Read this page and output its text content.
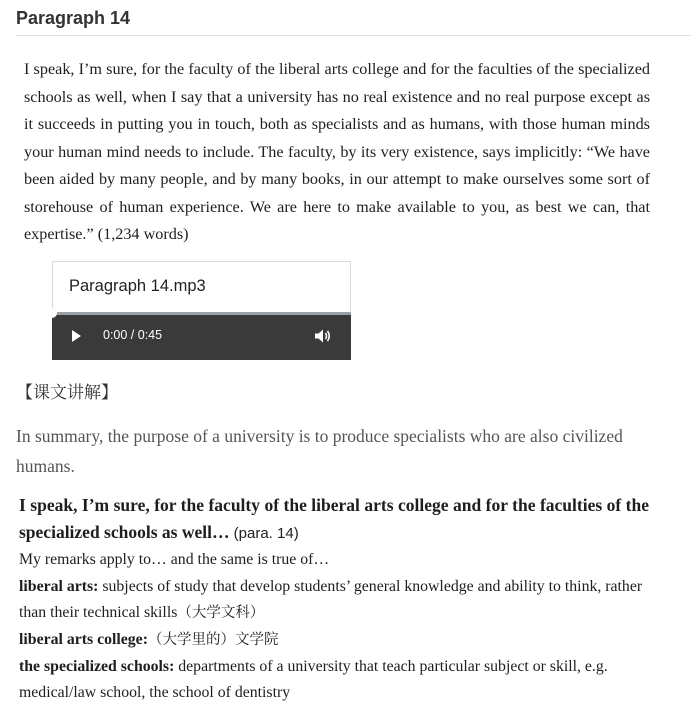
Paragraph 14
I speak, I’m sure, for the faculty of the liberal arts college and for the faculties of the specialized schools as well, when I say that a university has no real existence and no real purpose except as it succeeds in putting you in touch, both as specialists and as humans, with those human minds your human mind needs to include. The faculty, by its very existence, says implicitly: “We have been aided by many people, and by many books, in our attempt to make ourselves some sort of storehouse of human experience. We are here to make available to you, as best we can, that expertise.” (1,234 words)
Paragraph 14.mp3
0:00 / 0:45
【课文讲解】
In summary, the purpose of a university is to produce specialists who are also civilized humans.

I speak, I’m sure, for the faculty of the liberal arts college and for the faculties of the specialized schools as well… (para. 14)

My remarks apply to… and the same is true of…

liberal arts: subjects of study that develop students’ general knowledge and ability to think, rather than their technical skills（大学文科）

liberal arts college:（大学里的）文学院

the specialized schools: departments of a university that teach particular subject or skill, e.g. medical/law school, the school of dentistry
